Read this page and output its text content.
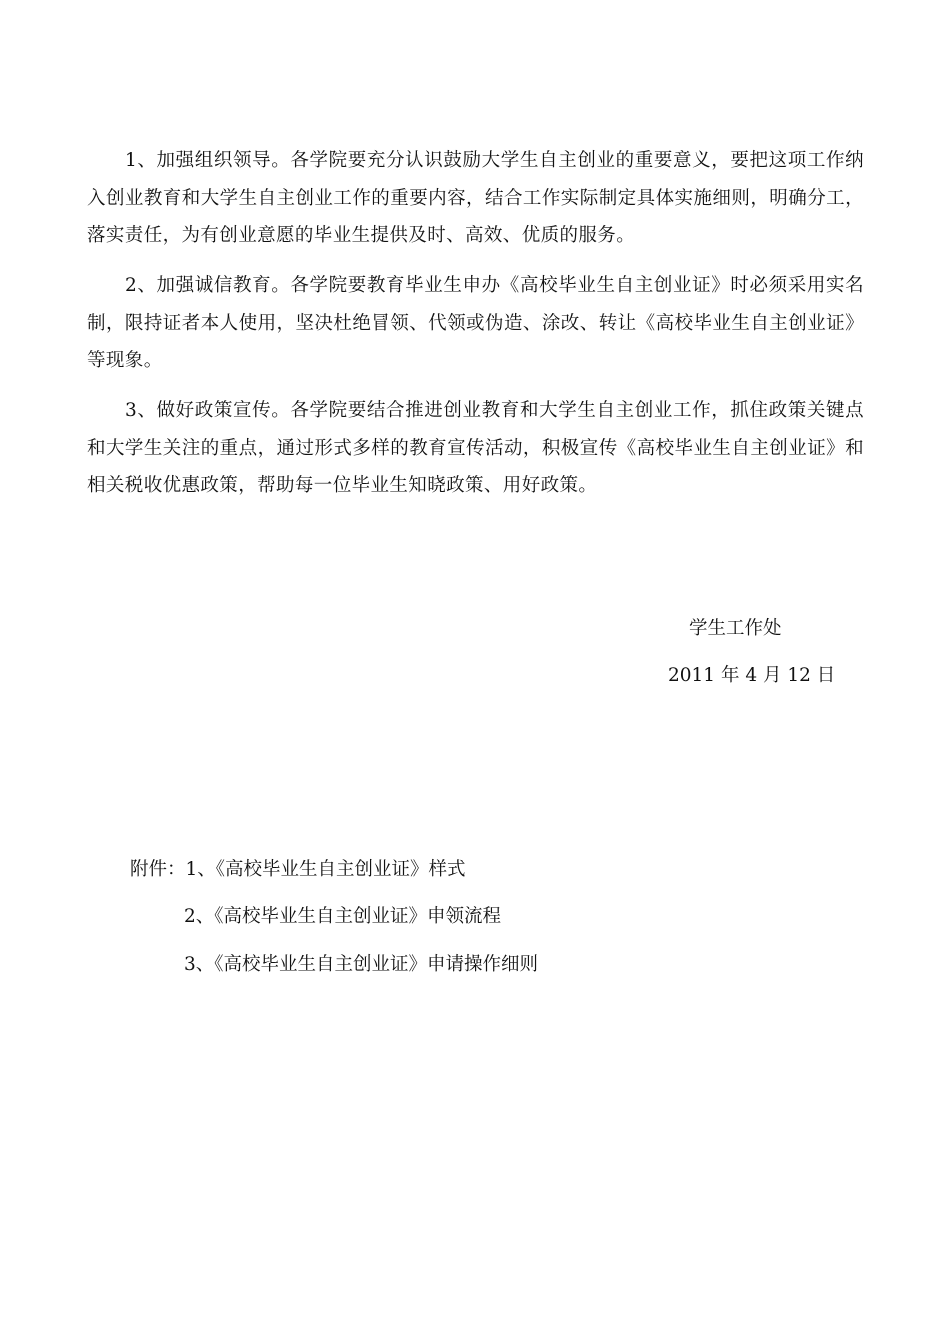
1、加强组织领导。各学院要充分认识鼓励大学生自主创业的重要意义，要把这项工作纳入创业教育和大学生自主创业工作的重要内容，结合工作实际制定具体实施细则，明确分工，落实责任，为有创业意愿的毕业生提供及时、高效、优质的服务。

2、加强诚信教育。各学院要教育毕业生申办《高校毕业生自主创业证》时必须采用实名制，限持证者本人使用，坚决杜绝冒领、代领或伪造、涂改、转让《高校毕业生自主创业证》等现象。

3、做好政策宣传。各学院要结合推进创业教育和大学生自主创业工作，抓住政策关键点和大学生关注的重点，通过形式多样的教育宣传活动，积极宣传《高校毕业生自主创业证》和相关税收优惠政策，帮助每一位毕业生知晓政策、用好政策。

学生工作处
2011 年 4 月 12 日
附件：1、《高校毕业生自主创业证》样式
2、《高校毕业生自主创业证》申领流程
3、《高校毕业生自主创业证》申请操作细则
